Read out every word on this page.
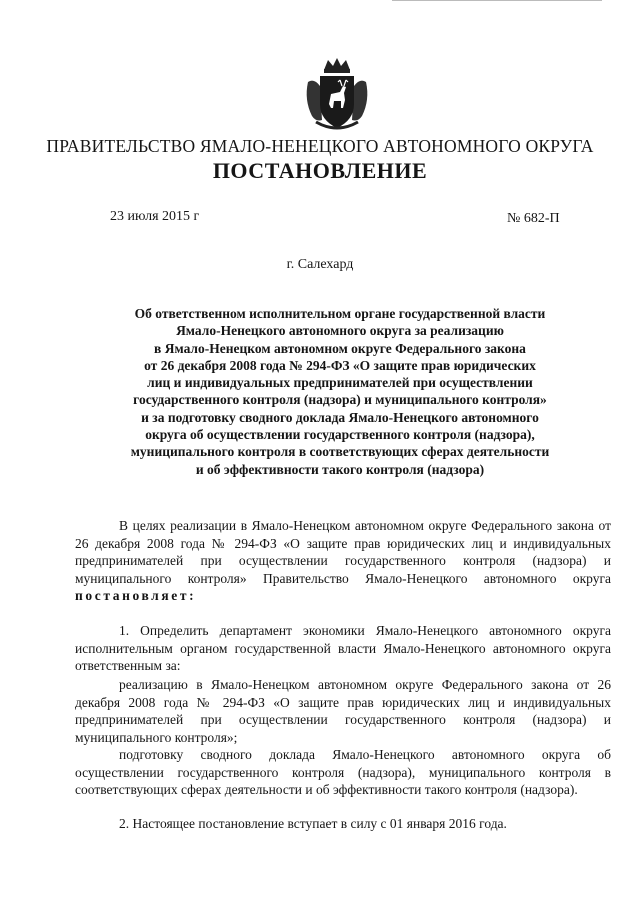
ПРАВИТЕЛЬСТВО ЯМАЛО-НЕНЕЦКОГО АВТОНОМНОГО ОКРУГА
ПОСТАНОВЛЕНИЕ
23 июля 2015 г	№ 682-П
г. Салехард
Об ответственном исполнительном органе государственной власти
Ямало-Ненецкого автономного округа за реализацию
в Ямало-Ненецком автономном округе Федерального закона
от 26 декабря 2008 года № 294-ФЗ «О защите прав юридических
лиц и индивидуальных предпринимателей при осуществлении
государственного контроля (надзора) и муниципального контроля»
и за подготовку сводного доклада Ямало-Ненецкого автономного
округа об осуществлении государственного контроля (надзора),
муниципального контроля в соответствующих сферах деятельности
и об эффективности такого контроля (надзора)
В целях реализации в Ямало-Ненецком автономном округе Федерального закона от 26 декабря 2008 года № 294-ФЗ «О защите прав юридических лиц и индивидуальных предпринимателей при осуществлении государственного контроля (надзора) и муниципального контроля» Правительство Ямало-Ненецкого автономного округа постановляет:
1. Определить департамент экономики Ямало-Ненецкого автономного округа исполнительным органом государственной власти Ямало-Ненецкого автономного округа ответственным за:
реализацию в Ямало-Ненецком автономном округе Федерального закона от 26 декабря 2008 года № 294-ФЗ «О защите прав юридических лиц и индивидуальных предпринимателей при осуществлении государственного контроля (надзора) и муниципального контроля»;
подготовку сводного доклада Ямало-Ненецкого автономного округа об осуществлении государственного контроля (надзора), муниципального контроля в соответствующих сферах деятельности и об эффективности такого контроля (надзора).
2. Настоящее постановление вступает в силу с 01 января 2016 года.
